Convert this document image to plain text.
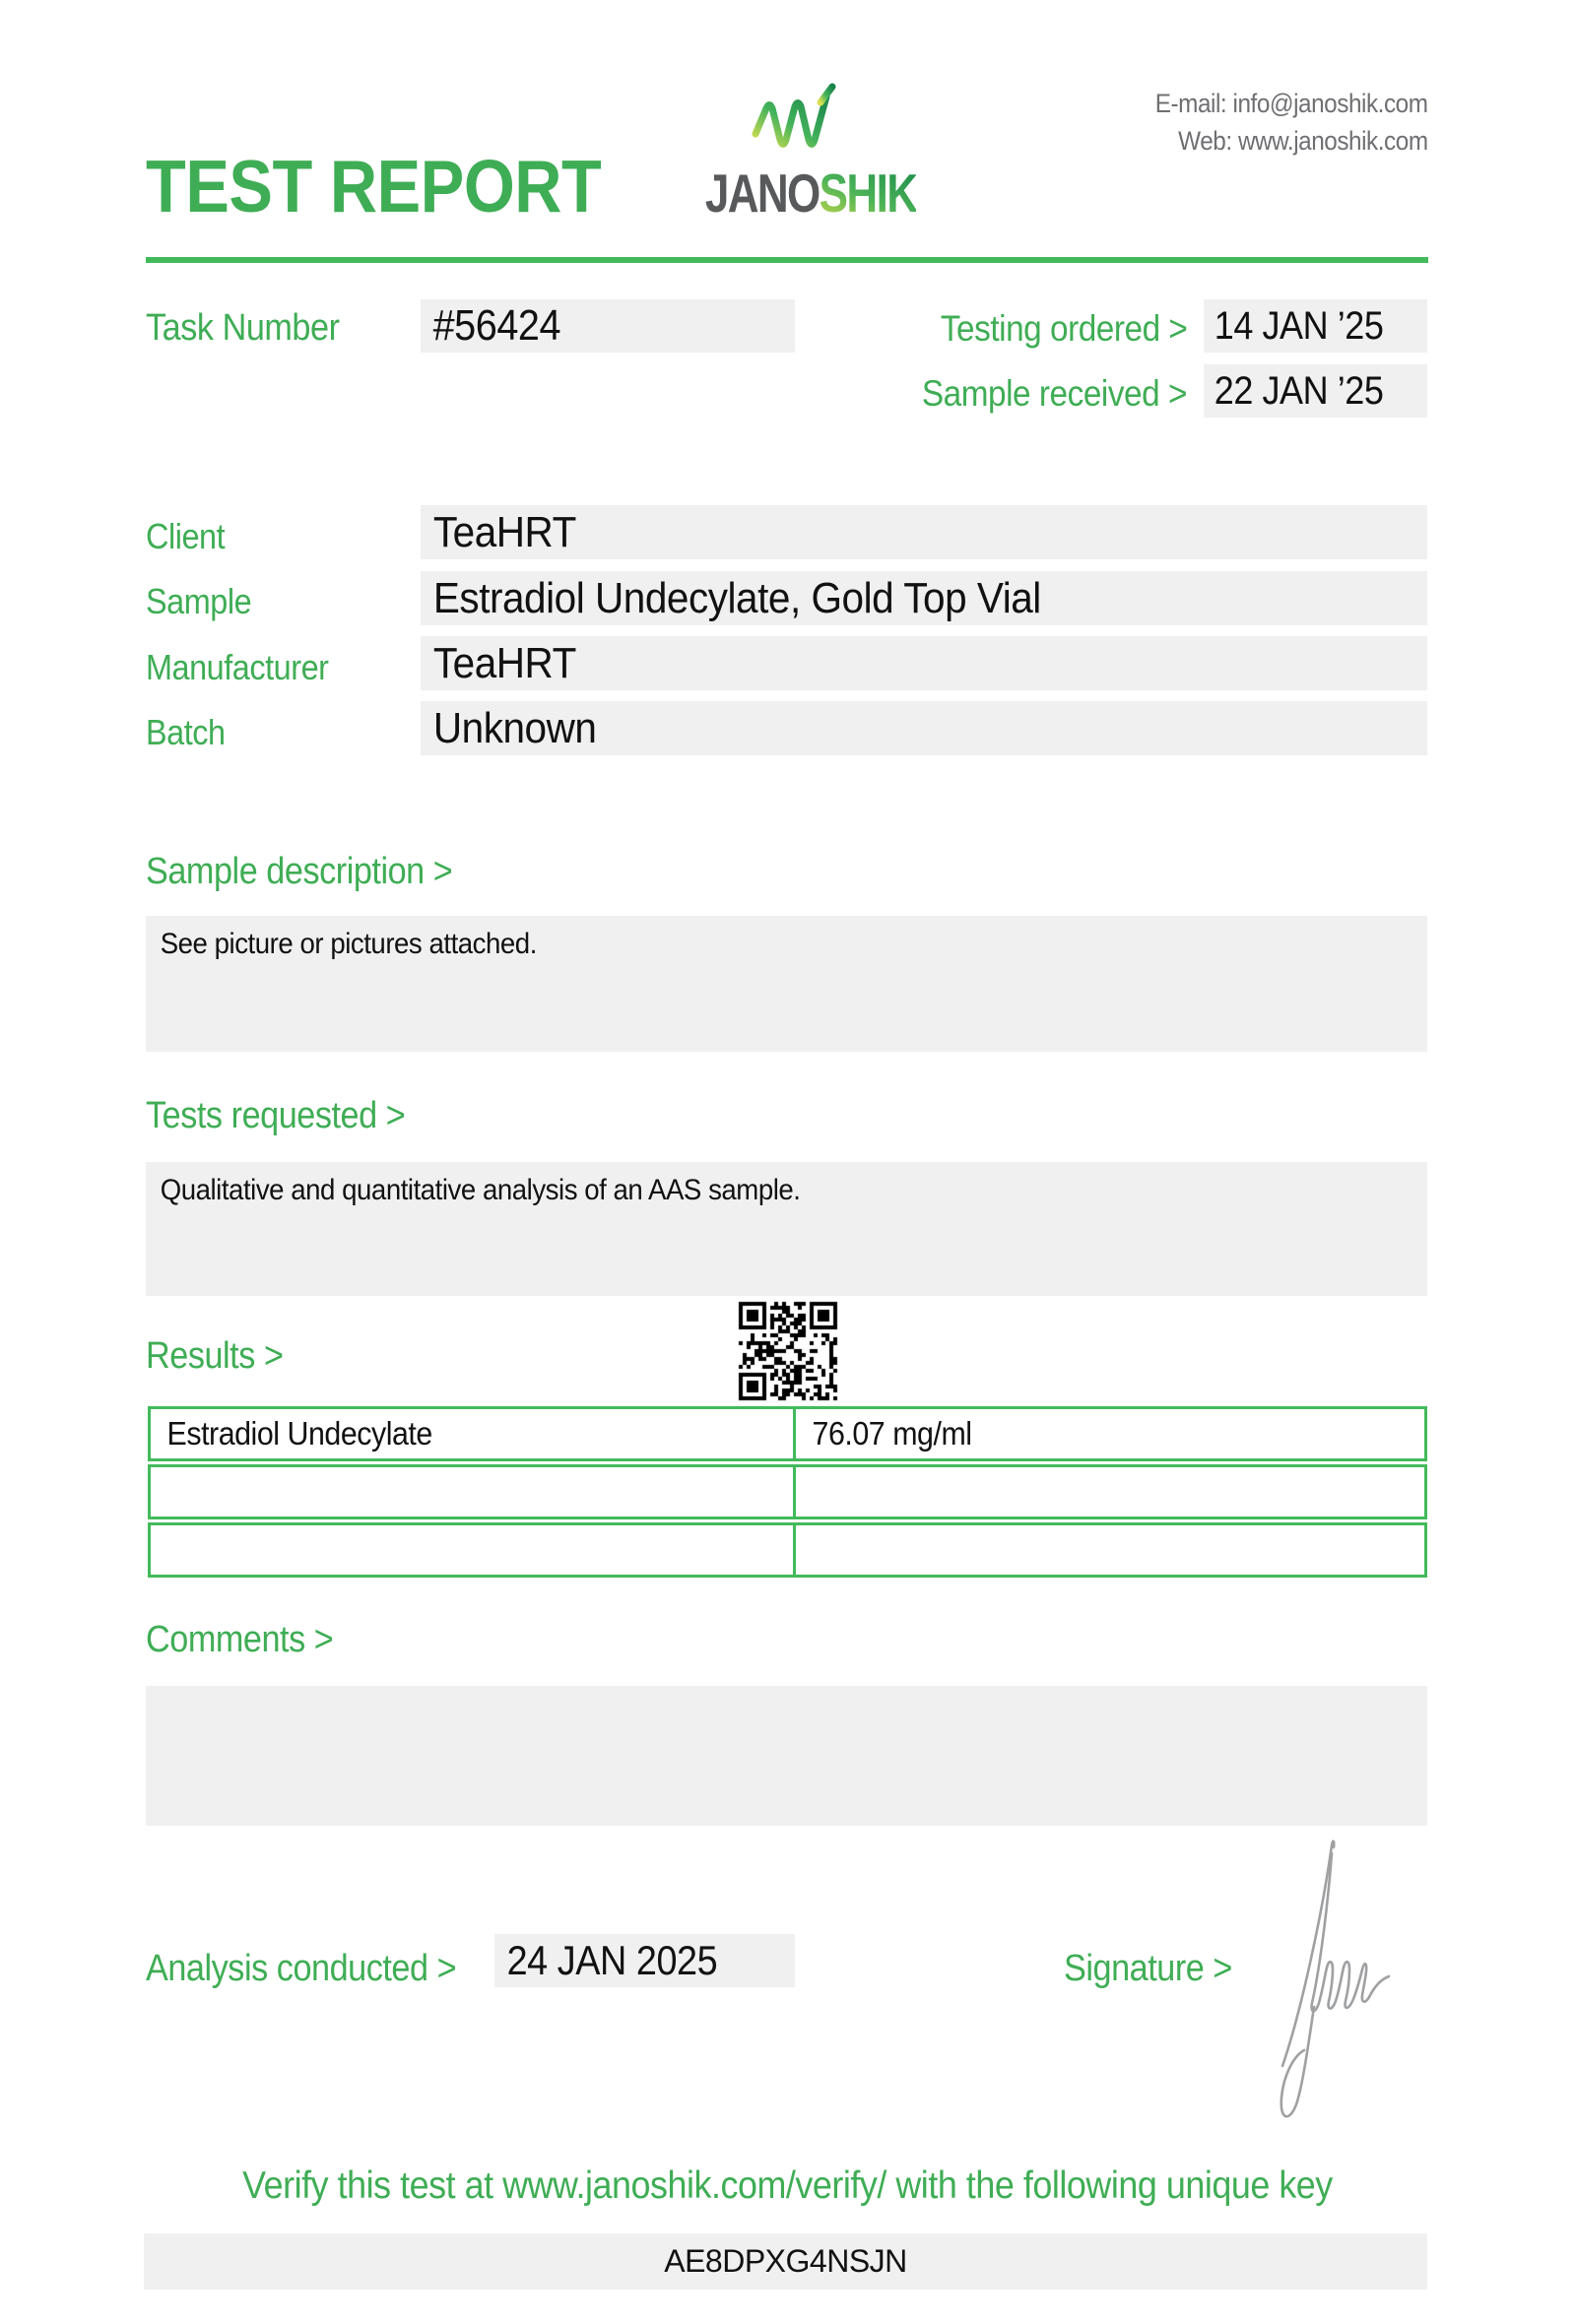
TEST REPORT	JANOSHIK
E-mail: info@janoshik.com
Web: www.janoshik.com
Task Number	#56424	Testing ordered > 14 JAN ’25
Sample received > 22 JAN ’25
Client	TeaHRT
Sample	Estradiol Undecylate, Gold Top Vial
Manufacturer	TeaHRT
Batch	Unknown
Sample description >
See picture or pictures attached.
Tests requested >
Qualitative and quantitative analysis of an AAS sample.
Results >
Estradiol Undecylate	76.07 mg/ml
Comments >
Analysis conducted >	24 JAN 2025	Signature >
Verify this test at www.janoshik.com/verify/ with the following unique key
AE8DPXG4NSJN
